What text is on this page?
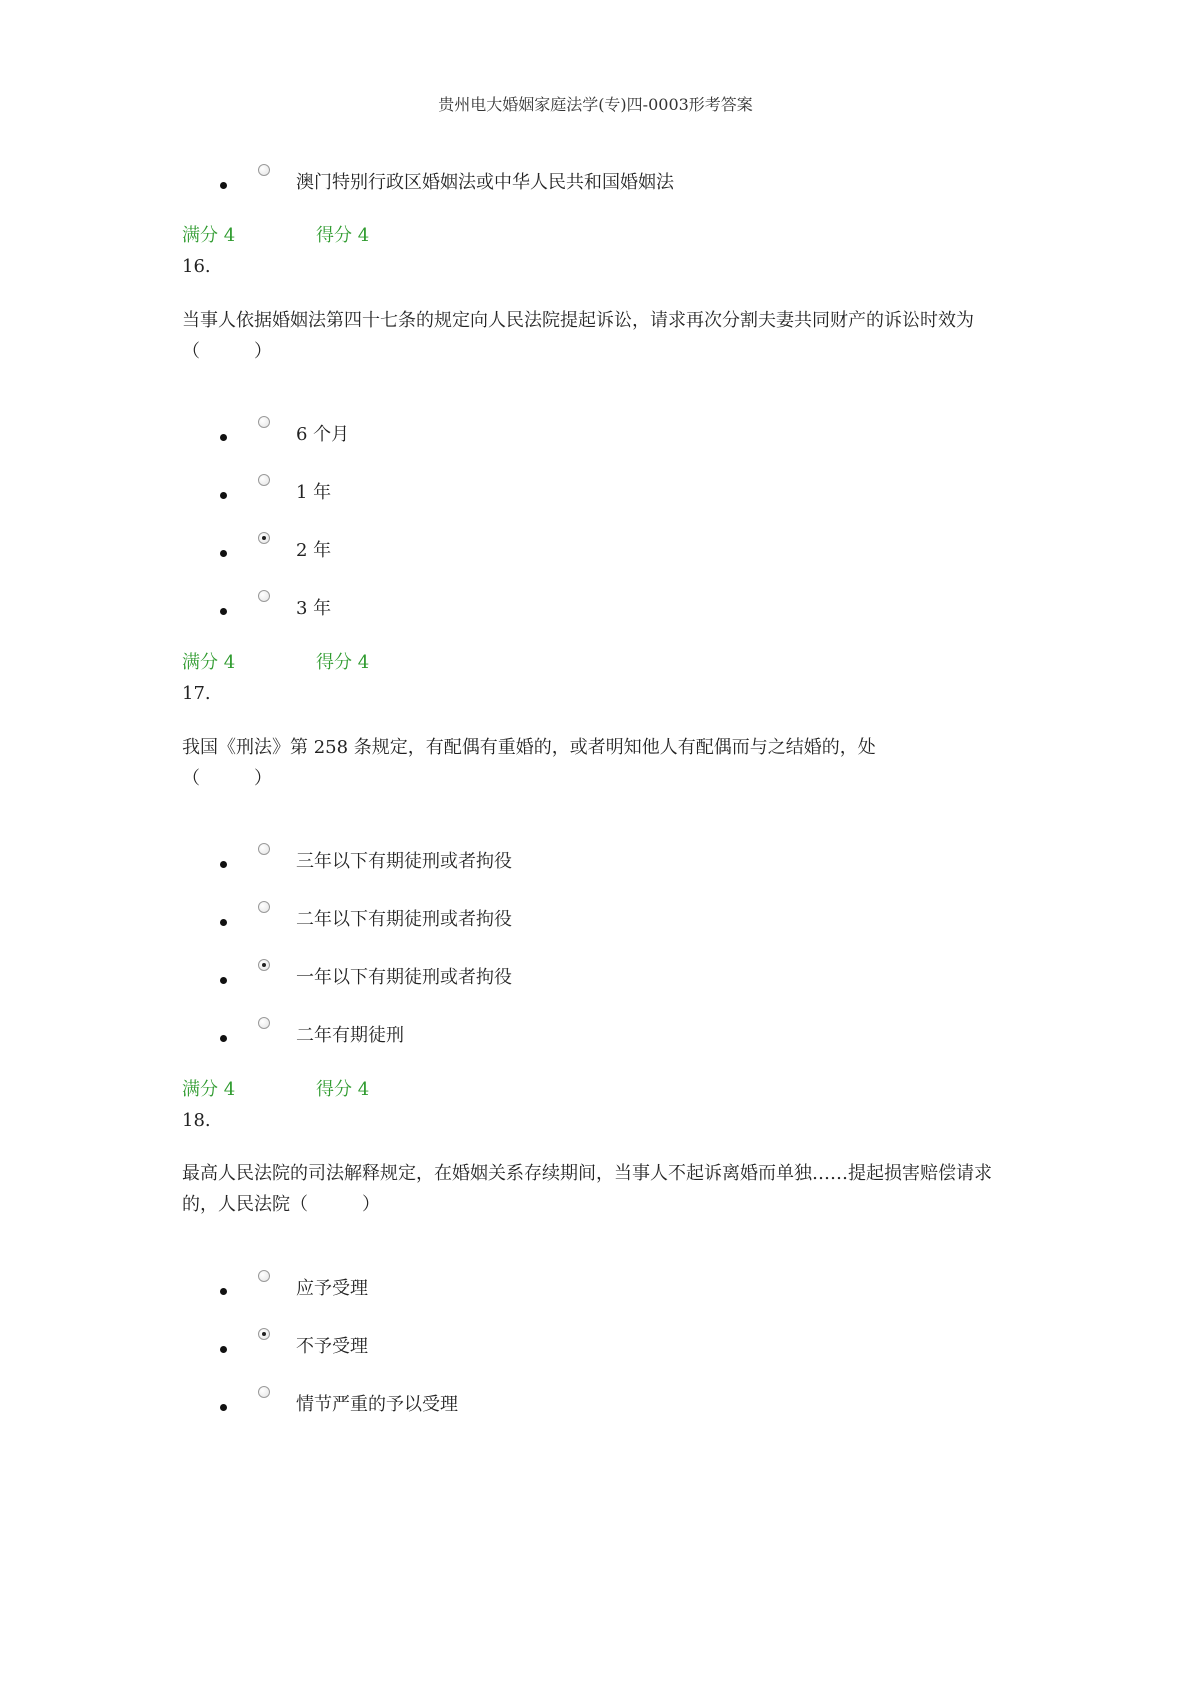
贵州电大婚姻家庭法学(专)四-0003形考答案
澳门特别行政区婚姻法或中华人民共和国婚姻法
满分 4	得分 4
16.
当事人依据婚姻法第四十七条的规定向人民法院提起诉讼，请求再次分割夫妻共同财产的诉讼时效为（　　　）
6 个月
1 年
2 年
3 年
满分 4	得分 4
17.
我国《刑法》第 258 条规定，有配偶有重婚的，或者明知他人有配偶而与之结婚的，处（　　　）
三年以下有期徒刑或者拘役
二年以下有期徒刑或者拘役
一年以下有期徒刑或者拘役
二年有期徒刑
满分 4	得分 4
18.
最高人民法院的司法解释规定，在婚姻关系存续期间，当事人不起诉离婚而单独……提起损害赔偿请求的，人民法院（　　　）
应予受理
不予受理
情节严重的予以受理
